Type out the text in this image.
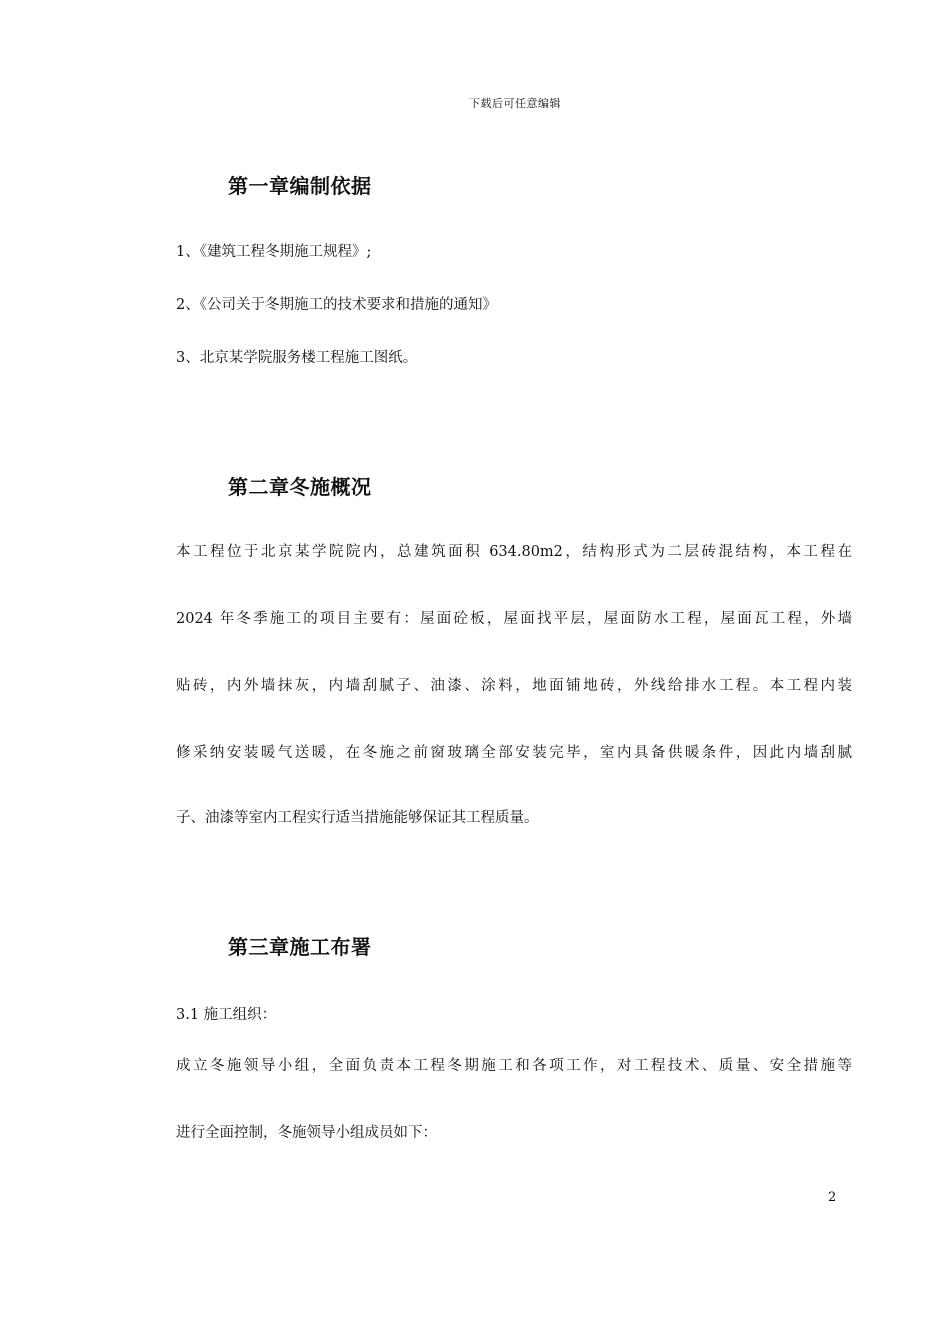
下载后可任意编辑
第一章编制依据
1、《建筑工程冬期施工规程》;
2、《公司关于冬期施工的技术要求和措施的通知》
3、北京某学院服务楼工程施工图纸。
第二章冬施概况
本工程位于北京某学院院内，总建筑面积 634.80m2，结构形式为二层砖混结构，本工程在
2024 年冬季施工的项目主要有：屋面砼板，屋面找平层，屋面防水工程，屋面瓦工程，外墙
贴砖，内外墙抹灰，内墙刮腻子、油漆、涂料，地面铺地砖，外线给排水工程。本工程内装
修采纳安装暖气送暖，在冬施之前窗玻璃全部安装完毕，室内具备供暖条件，因此内墙刮腻
子、油漆等室内工程实行适当措施能够保证其工程质量。
第三章施工布署
3.1 施工组织：
成立冬施领导小组，全面负责本工程冬期施工和各项工作，对工程技术、质量、安全措施等
进行全面控制，冬施领导小组成员如下：
2
